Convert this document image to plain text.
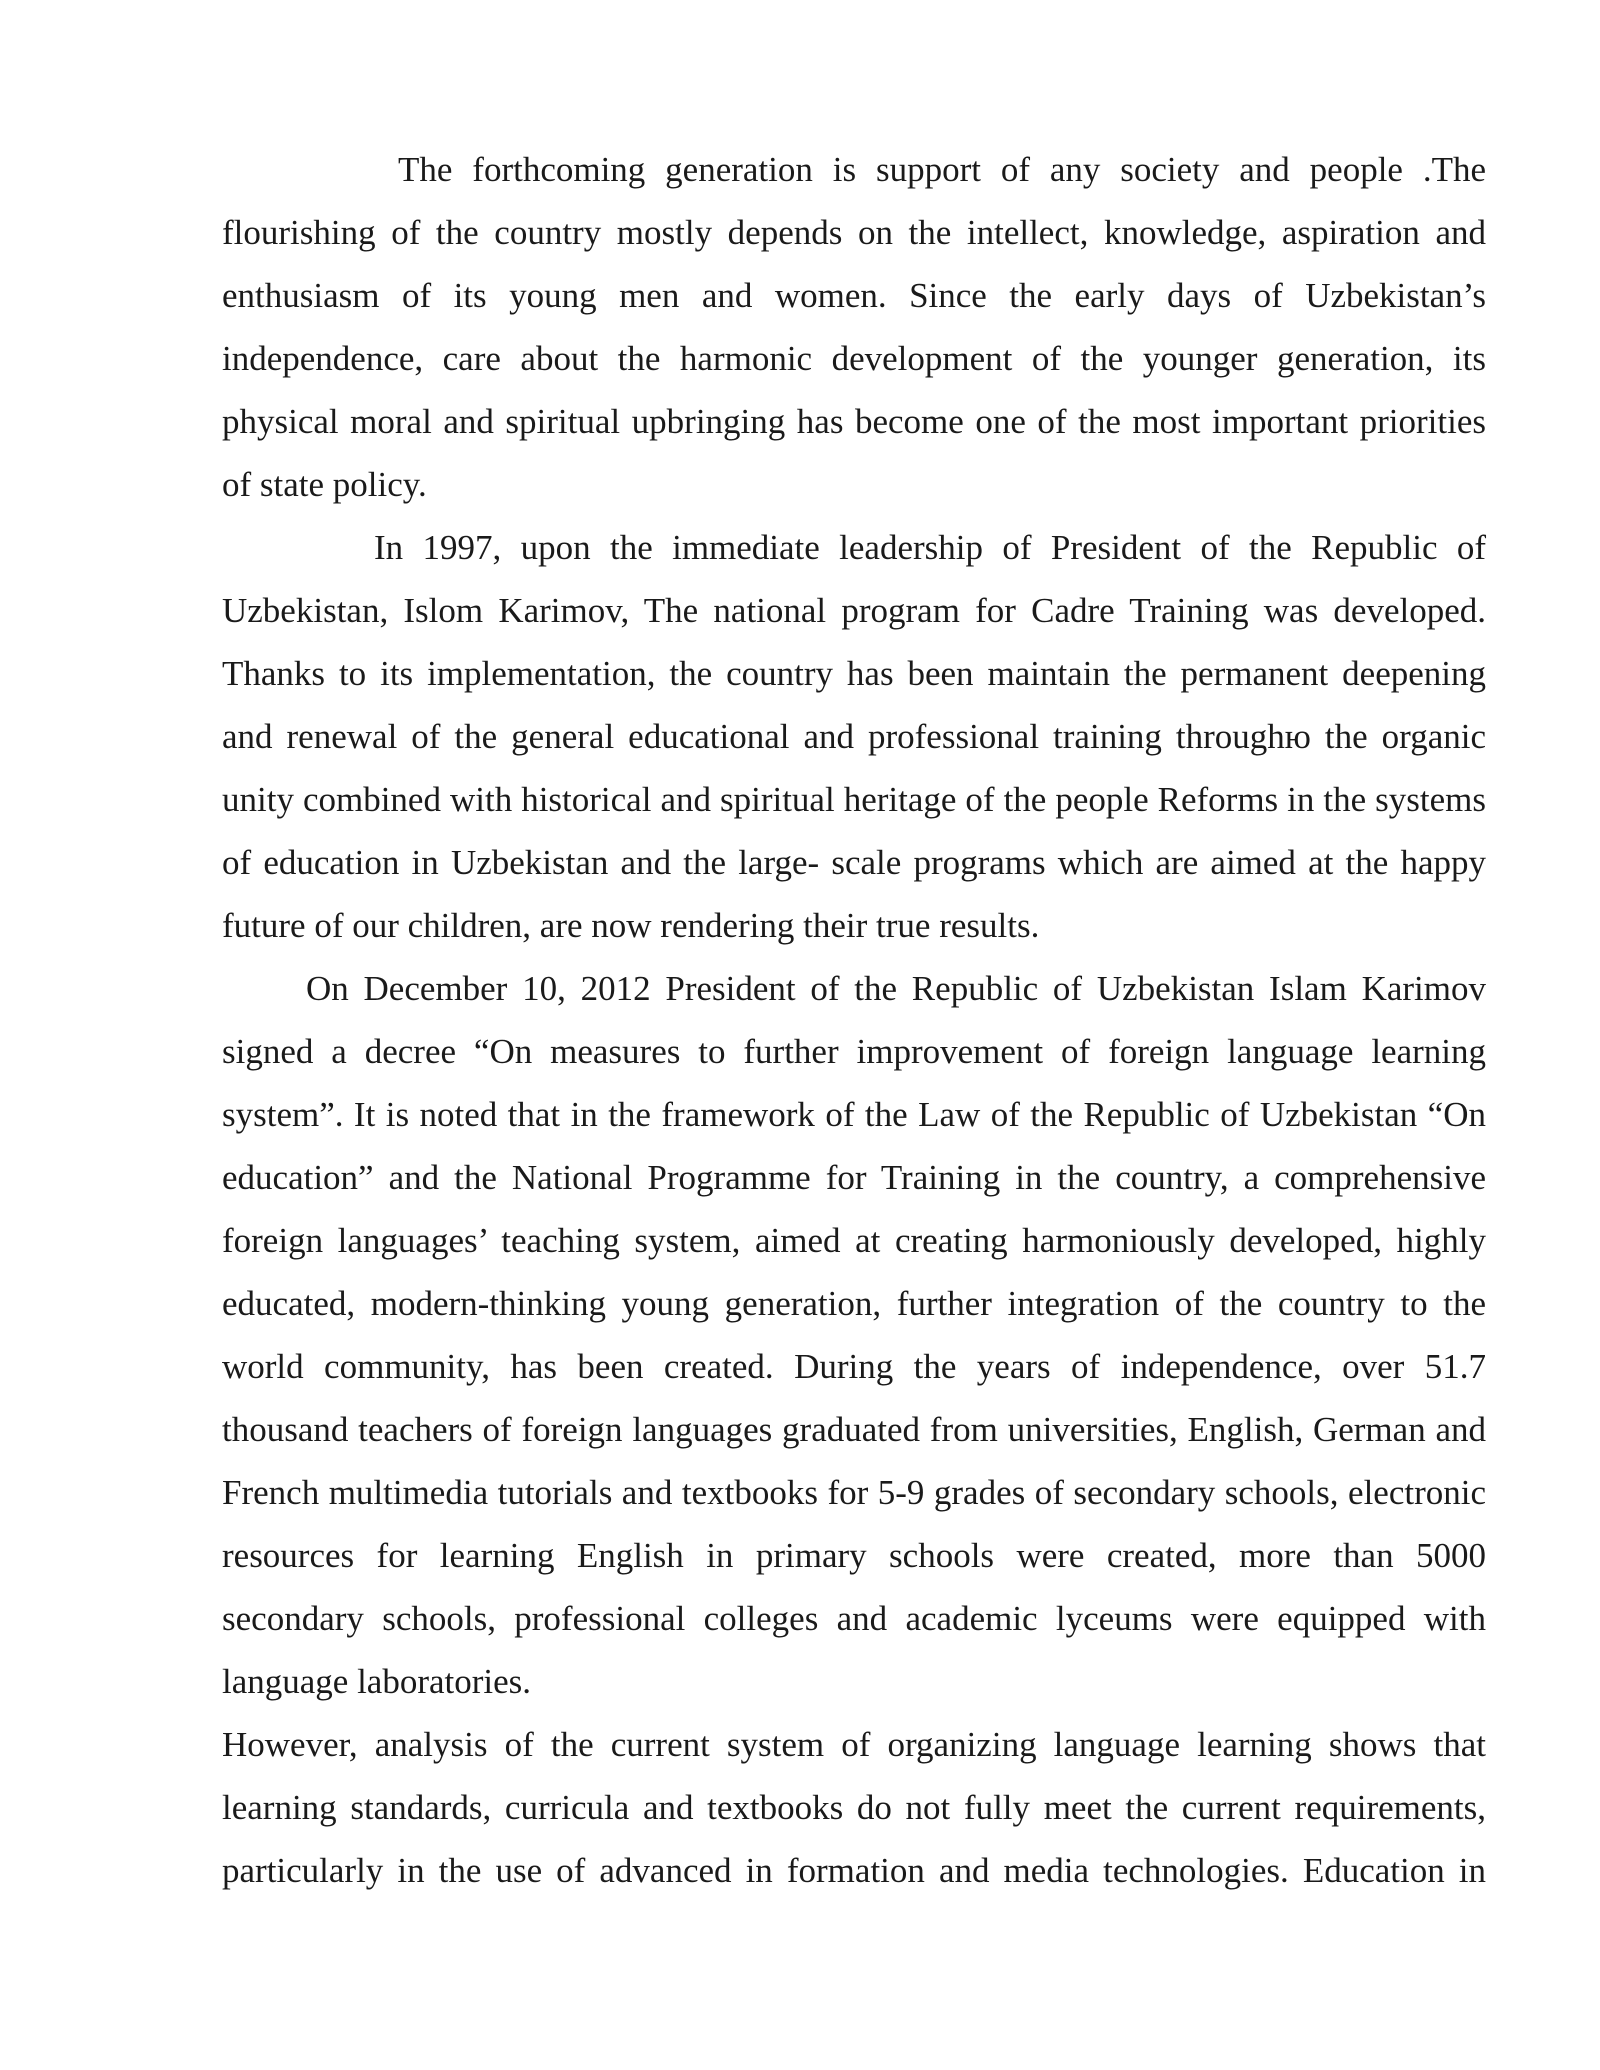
The forthcoming generation is support of any society and people .The flourishing of the country mostly depends on the intellect, knowledge, aspiration and enthusiasm of its young men and women. Since the early days of Uzbekistan’s independence, care about the harmonic development of the younger generation, its physical moral and spiritual upbringing has become one of the most important priorities of state policy.

In 1997, upon the immediate leadership of President of the Republic of Uzbekistan, Islom Karimov, The national program for Cadre Training was developed. Thanks to its implementation, the country has been maintain the permanent deepening and renewal of the general educational and professional training throughю the organic unity combined with historical and spiritual heritage of the people Reforms in the systems of education in Uzbekistan and the large- scale programs which are aimed at the happy future of our children, are now rendering their true results.

On December 10, 2012 President of the Republic of Uzbekistan Islam Karimov signed a decree “On measures to further improvement of foreign language learning system”. It is noted that in the framework of the Law of the Republic of Uzbekistan “On education” and the National Programme for Training in the country, a comprehensive foreign languages’ teaching system, aimed at creating harmoniously developed, highly educated, modern-thinking young generation, further integration of the country to the world community, has been created. During the years of independence, over 51.7 thousand teachers of foreign languages graduated from universities, English, German and French multimedia tutorials and textbooks for 5-9 grades of secondary schools, electronic resources for learning English in primary schools were created, more than 5000 secondary schools, professional colleges and academic lyceums were equipped with language laboratories.

However, analysis of the current system of organizing language learning shows that learning standards, curricula and textbooks do not fully meet the current requirements, particularly in the use of advanced in formation and media technologies. Education in
